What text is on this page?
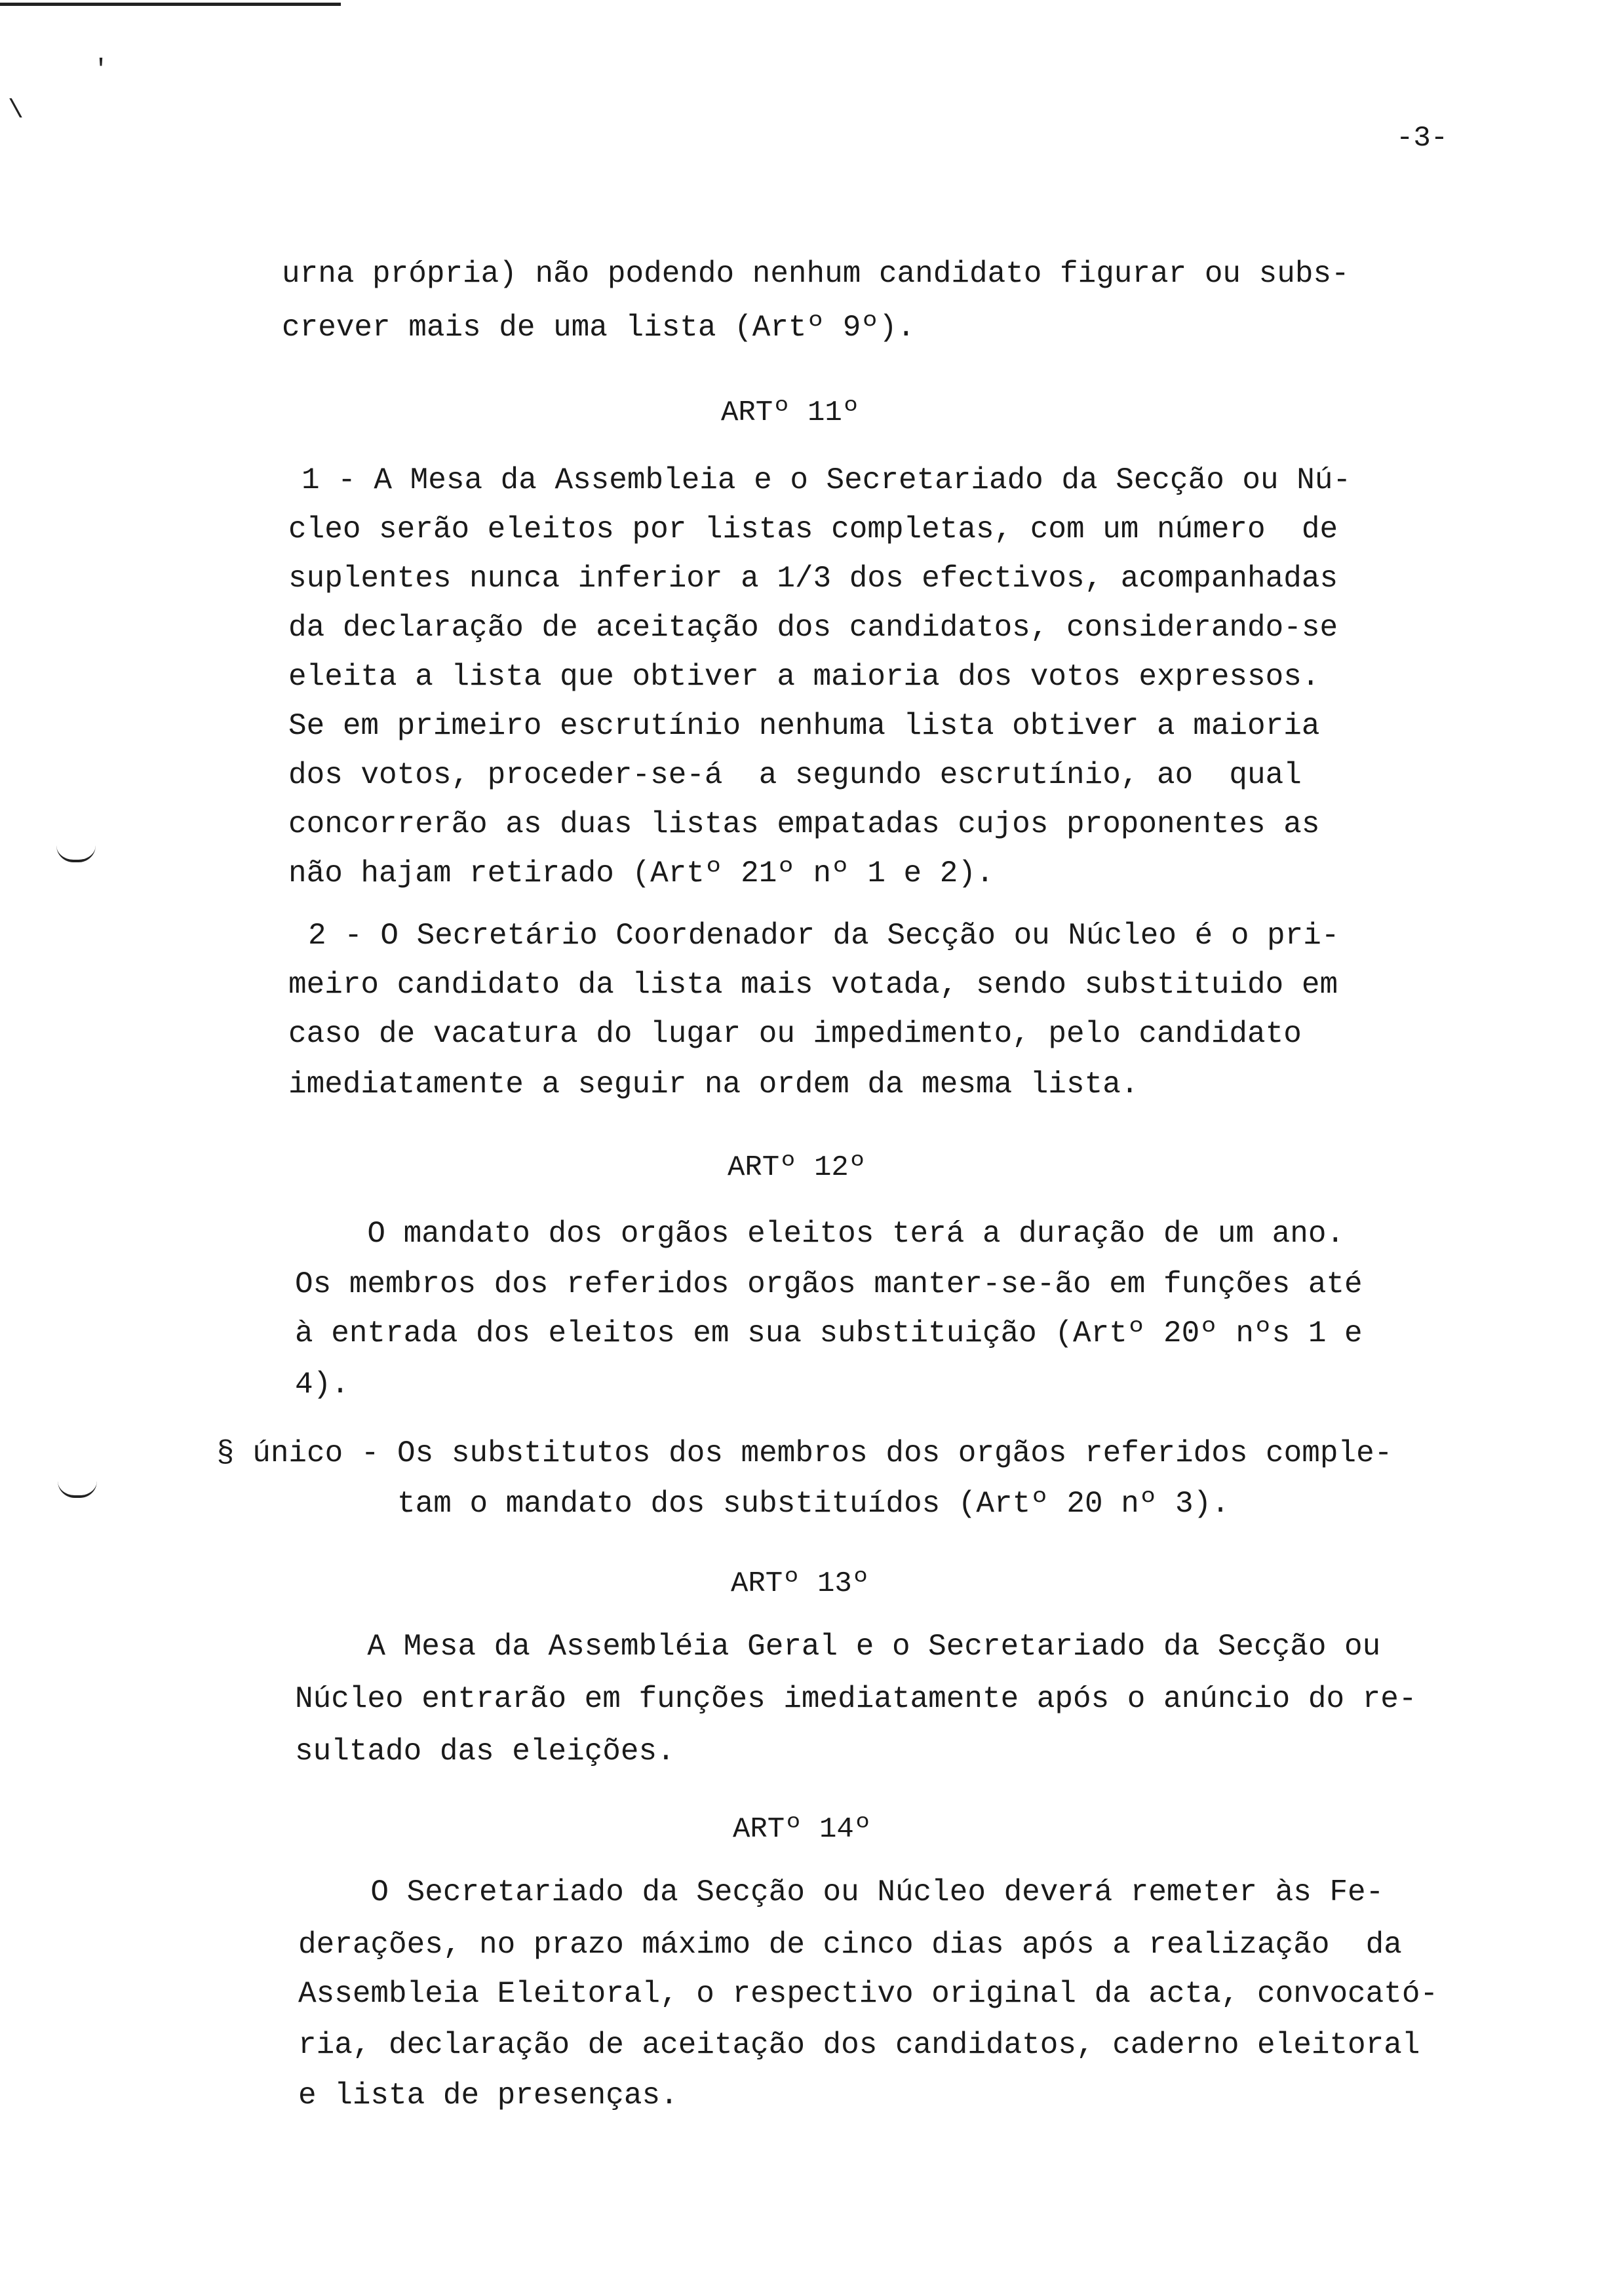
'
\
-3-
urna própria) não podendo nenhum candidato figurar ou subs-
crever mais de uma lista (Artº 9º).
ARTº 11º
1 - A Mesa da Assembleia e o Secretariado da Secção ou Nú-
cleo serão eleitos por listas completas, com um número  de
suplentes nunca inferior a 1/3 dos efectivos, acompanhadas
da declaração de aceitação dos candidatos, considerando-se
eleita a lista que obtiver a maioria dos votos expressos.
Se em primeiro escrutínio nenhuma lista obtiver a maioria
dos votos, proceder-se-á  a segundo escrutínio, ao  qual
concorrerão as duas listas empatadas cujos proponentes as
não hajam retirado (Artº 21º nº 1 e 2).
2 - O Secretário Coordenador da Secção ou Núcleo é o pri-
meiro candidato da lista mais votada, sendo substituido em
caso de vacatura do lugar ou impedimento, pelo candidato
imediatamente a seguir na ordem da mesma lista.
ARTº 12º
O mandato dos orgãos eleitos terá a duração de um ano.
Os membros dos referidos orgãos manter-se-ão em funções até
à entrada dos eleitos em sua substituição (Artº 20º nºs 1 e
4).
§ único - Os substitutos dos membros dos orgãos referidos comple-
tam o mandato dos substituídos (Artº 20 nº 3).
ARTº 13º
A Mesa da Assembléia Geral e o Secretariado da Secção ou
Núcleo entrarão em funções imediatamente após o anúncio do re-
sultado das eleições.
ARTº 14º
O Secretariado da Secção ou Núcleo deverá remeter às Fe-
derações, no prazo máximo de cinco dias após a realização  da
Assembleia Eleitoral, o respectivo original da acta, convocató-
ria, declaração de aceitação dos candidatos, caderno eleitoral
e lista de presenças.
